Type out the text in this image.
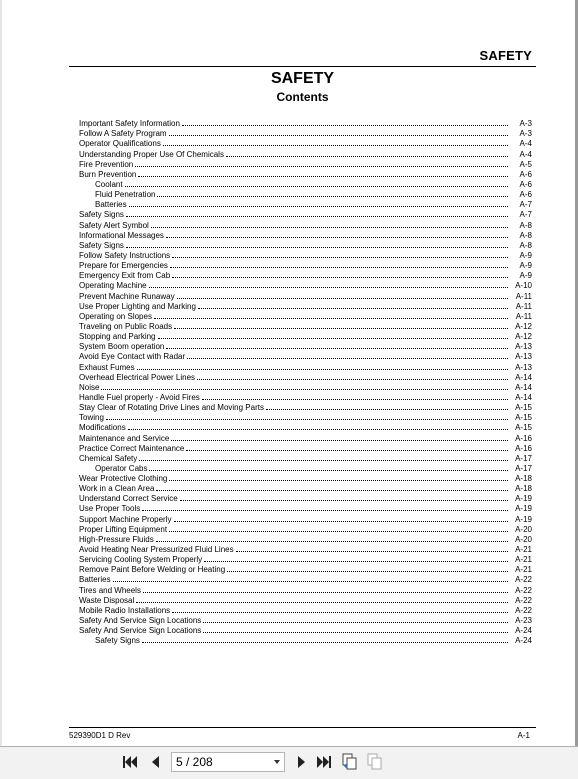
SAFETY
SAFETY
Contents
Important Safety Information	A-3
Follow A Safety Program	A-3
Operator Qualifications	A-4
Understanding Proper Use Of Chemicals	A-4
Fire Prevention	A-5
Burn Prevention	A-6
Coolant	A-6
Fluid Penetration	A-6
Batteries	A-7
Safety Signs	A-7
Safety Alert Symbol	A-8
Informational Messages	A-8
Safety Signs	A-8
Follow Safety Instructions	A-9
Prepare for Emergencies	A-9
Emergency Exit from Cab	A-9
Operating Machine	A-10
Prevent Machine Runaway	A-11
Use Proper Lighting and Marking	A-11
Operating on Slopes	A-11
Traveling on Public Roads	A-12
Stopping and Parking	A-12
System Boom operation	A-13
Avoid Eye Contact with Radar	A-13
Exhaust Fumes	A-13
Overhead Electrical Power Lines	A-14
Noise	A-14
Handle Fuel properly - Avoid Fires	A-14
Stay Clear of Rotating Drive Lines and Moving Parts	A-15
Towing	A-15
Modifications	A-15
Maintenance and Service	A-16
Practice Correct Maintenance	A-16
Chemical Safety	A-17
Operator Cabs	A-17
Wear Protective Clothing	A-18
Work in a Clean Area	A-18
Understand Correct Service	A-19
Use Proper Tools	A-19
Support Machine Properly	A-19
Proper Lifting Equipment	A-20
High-Pressure Fluids	A-20
Avoid Heating Near Pressurized Fluid Lines	A-21
Servicing Cooling System Properly	A-21
Remove Paint Before Welding or Heating	A-21
Batteries	A-22
Tires and Wheels	A-22
Waste Disposal	A-22
Mobile Radio Installations	A-22
Safety And Service Sign Locations	A-23
Safety And Service Sign Locations	A-24
Safety Signs	A-24
529390D1 D Rev	A-1
5 / 208
